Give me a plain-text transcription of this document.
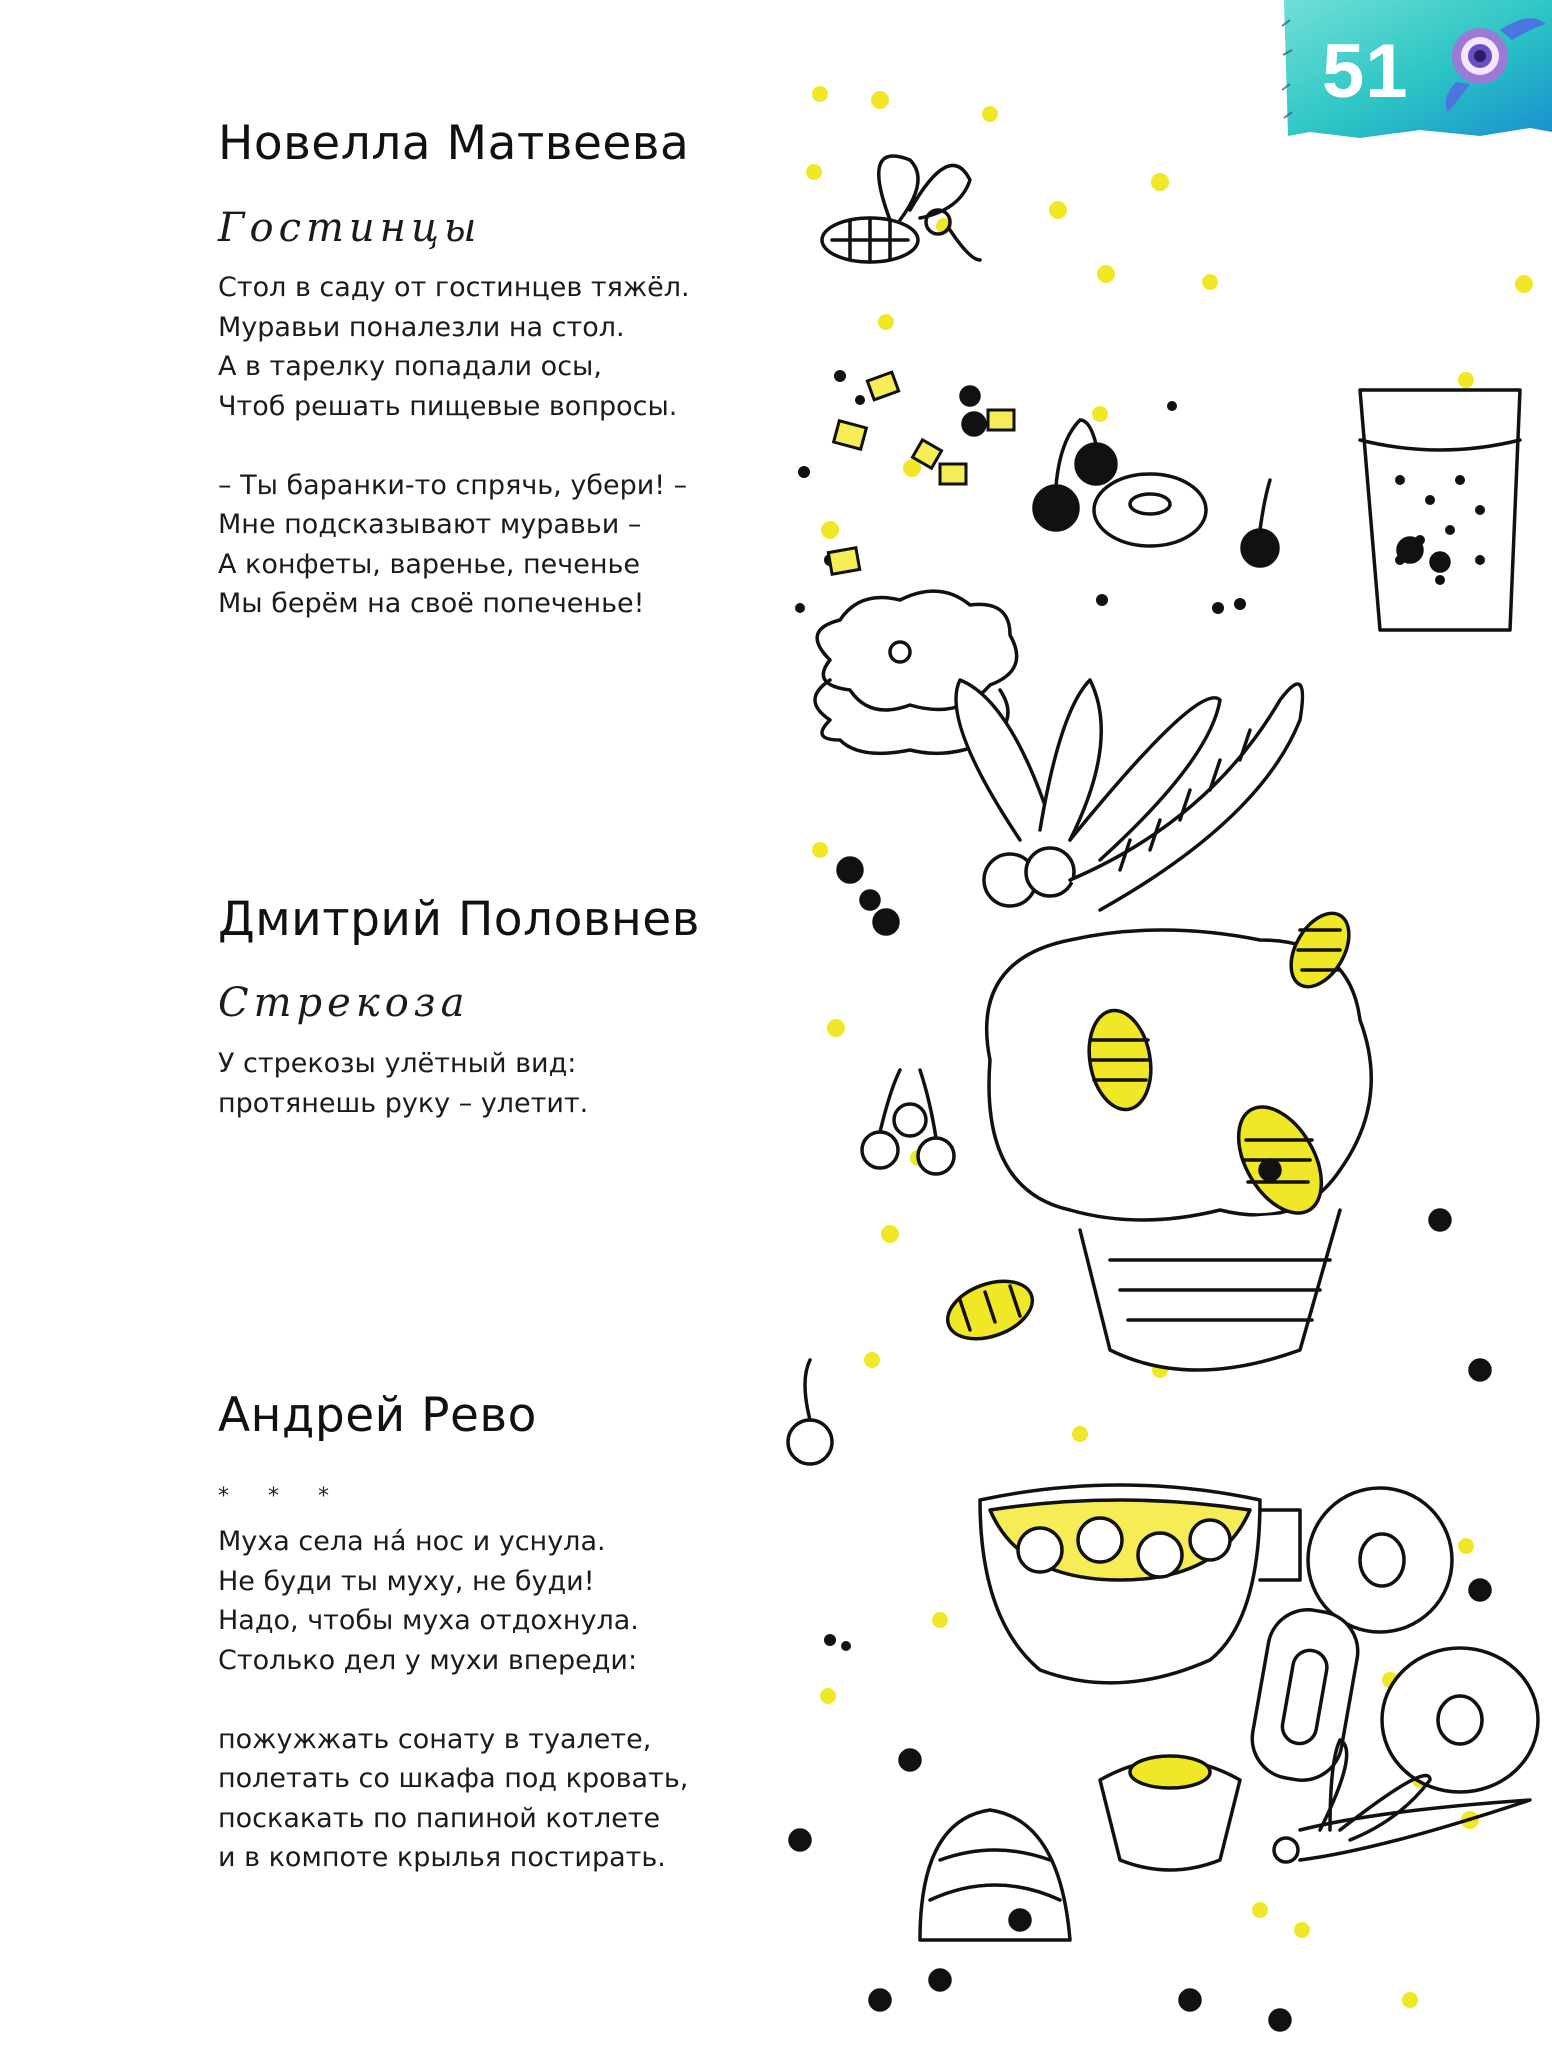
51
Новелла Матвеева
Гостинцы
Стол в саду от гостинцев тяжёл.
Муравьи поналезли на стол.
А в тарелку попадали осы,
Чтоб решать пищевые вопросы.
– Ты баранки-то спрячь, убери! –
Мне подсказывают муравьи –
А конфеты, варенье, печенье
Мы берём на своё попеченье!
Дмитрий Половнев
Стрекоза
У стрекозы улётный вид:
протянешь руку – улетит.
Андрей Рево
* * *
Муха села нá нос и уснула.
Не буди ты муху, не буди!
Надо, чтобы муха отдохнула.
Столько дел у мухи впереди:
пожужжать сонату в туалете,
полетать со шкафа под кровать,
поскакать по папиной котлете
и в компоте крылья постирать.
